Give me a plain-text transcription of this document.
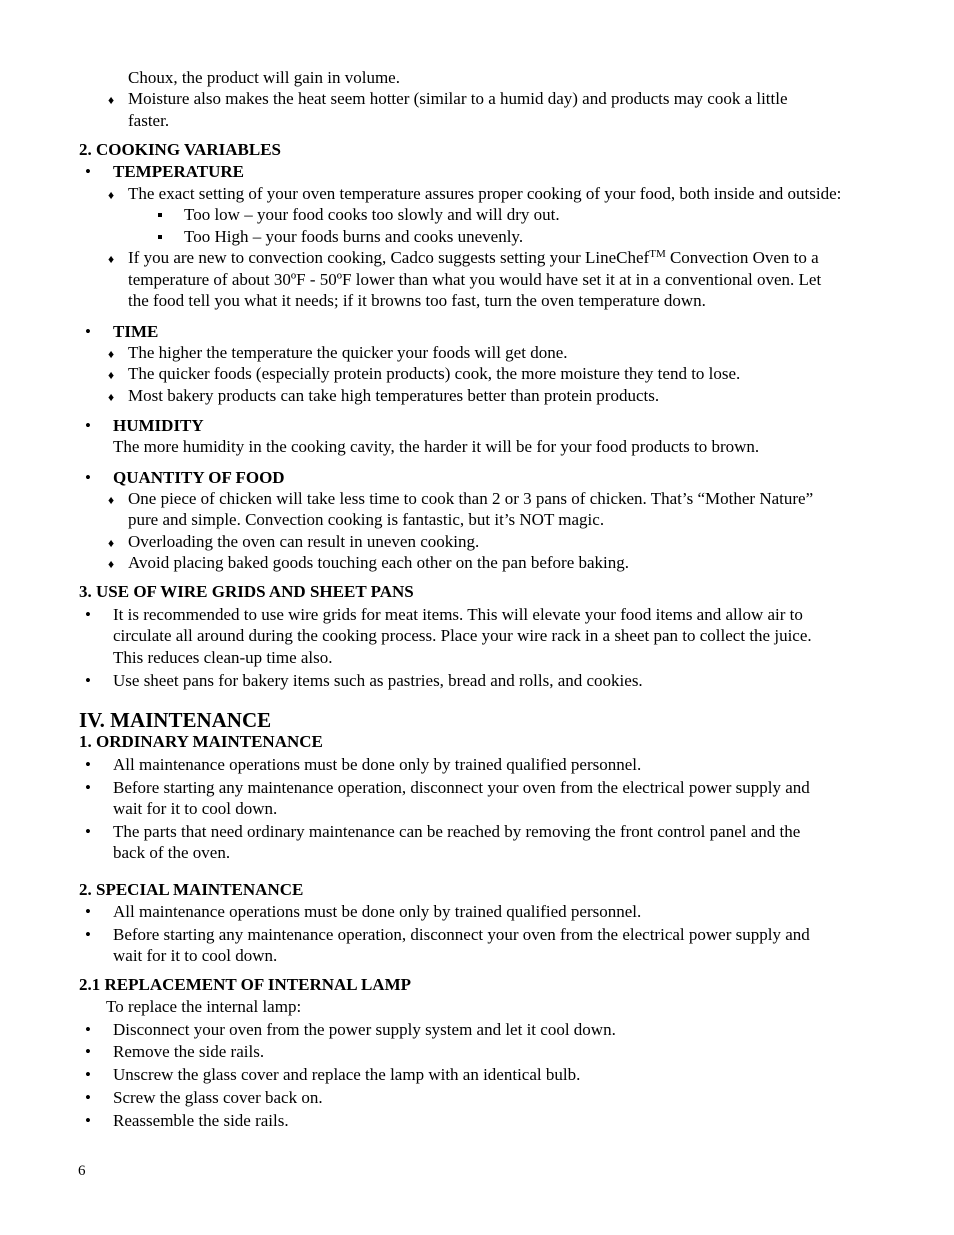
Choux, the product will gain in volume.
♦ Moisture also makes the heat seem hotter (similar to a humid day) and products may cook a little
faster.
2. COOKING VARIABLES
• TEMPERATURE
♦ The exact setting of your oven temperature assures proper cooking of your food, both inside and outside:
Too low – your food cooks too slowly and will dry out.
Too High – your foods burns and cooks unevenly.
♦ If you are new to convection cooking, Cadco suggests setting your LineChef™ Convection Oven to a
temperature of about 30ºF - 50ºF lower than what you would have set it at in a conventional oven. Let
the food tell you what it needs; if it browns too fast, turn the oven temperature down.
• TIME
♦ The higher the temperature the quicker your foods will get done.
♦ The quicker foods (especially protein products) cook, the more moisture they tend to lose.
♦ Most bakery products can take high temperatures better than protein products.
• HUMIDITY
The more humidity in the cooking cavity, the harder it will be for your food products to brown.
• QUANTITY OF FOOD
♦ One piece of chicken will take less time to cook than 2 or 3 pans of chicken. That’s “Mother Nature”
pure and simple. Convection cooking is fantastic, but it’s NOT magic.
♦ Overloading the oven can result in uneven cooking.
♦ Avoid placing baked goods touching each other on the pan before baking.
3. USE OF WIRE GRIDS AND SHEET PANS
• It is recommended to use wire grids for meat items. This will elevate your food items and allow air to
circulate all around during the cooking process. Place your wire rack in a sheet pan to collect the juice.
This reduces clean-up time also.
• Use sheet pans for bakery items such as pastries, bread and rolls, and cookies.
IV. MAINTENANCE
1. ORDINARY MAINTENANCE
• All maintenance operations must be done only by trained qualified personnel.
• Before starting any maintenance operation, disconnect your oven from the electrical power supply and
wait for it to cool down.
• The parts that need ordinary maintenance can be reached by removing the front control panel and the
back of the oven.
2. SPECIAL MAINTENANCE
• All maintenance operations must be done only by trained qualified personnel.
• Before starting any maintenance operation, disconnect your oven from the electrical power supply and
wait for it to cool down.
2.1 REPLACEMENT OF INTERNAL LAMP
To replace the internal lamp:
• Disconnect your oven from the power supply system and let it cool down.
• Remove the side rails.
• Unscrew the glass cover and replace the lamp with an identical bulb.
• Screw the glass cover back on.
• Reassemble the side rails.
6
